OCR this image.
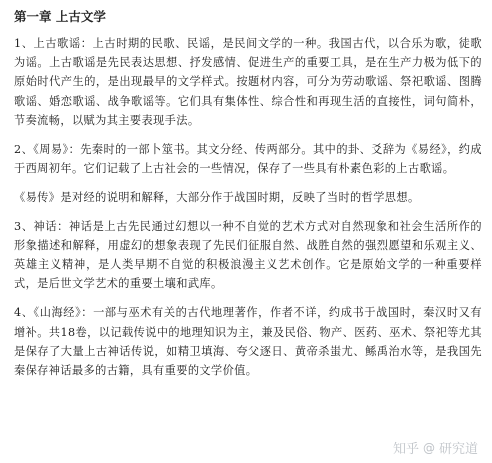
第一章 上古文学

1、上古歌谣：上古时期的民歌、民谣，是民间文学的一种。我国古代，以合乐为歌，徒歌为谣。上古歌谣是先民表达思想、抒发感情、促进生产的重要工具，是在生产力极为低下的原始时代产生的，是出现最早的文学样式。按题材内容，可分为劳动歌谣、祭祀歌谣、图腾歌谣、婚恋歌谣、战争歌谣等。它们具有集体性、综合性和再现生活的直接性，词句简朴，节奏流畅，以赋为其主要表现手法。

2、《周易》：先秦时的一部卜筮书。其文分经、传两部分。其中的卦、爻辞为《易经》，约成于西周初年。它们记载了上古社会的一些情况，保存了一些具有朴素色彩的上古歌谣。

《易传》是对经的说明和解释，大部分作于战国时期，反映了当时的哲学思想。

3、神话：神话是上古先民通过幻想以一种不自觉的艺术方式对自然现象和社会生活所作的形象描述和解释，用虚幻的想象表现了先民们征服自然、战胜自然的强烈愿望和乐观主义、英雄主义精神，是人类早期不自觉的积极浪漫主义艺术创作。它是原始文学的一种重要样式，是后世文学艺术的重要土壤和武库。

4、《山海经》：一部与巫术有关的古代地理著作，作者不详，约成书于战国时，秦汉时又有增补。共18卷，以记载传说中的地理知识为主，兼及民俗、物产、医药、巫术、祭祀等尤其是保存了大量上古神话传说，如精卫填海、夸父逐日、黄帝杀蚩尤、鲧禹治水等，是我国先秦保存神话最多的古籍，具有重要的文学价值。

知乎 @ 研究道
